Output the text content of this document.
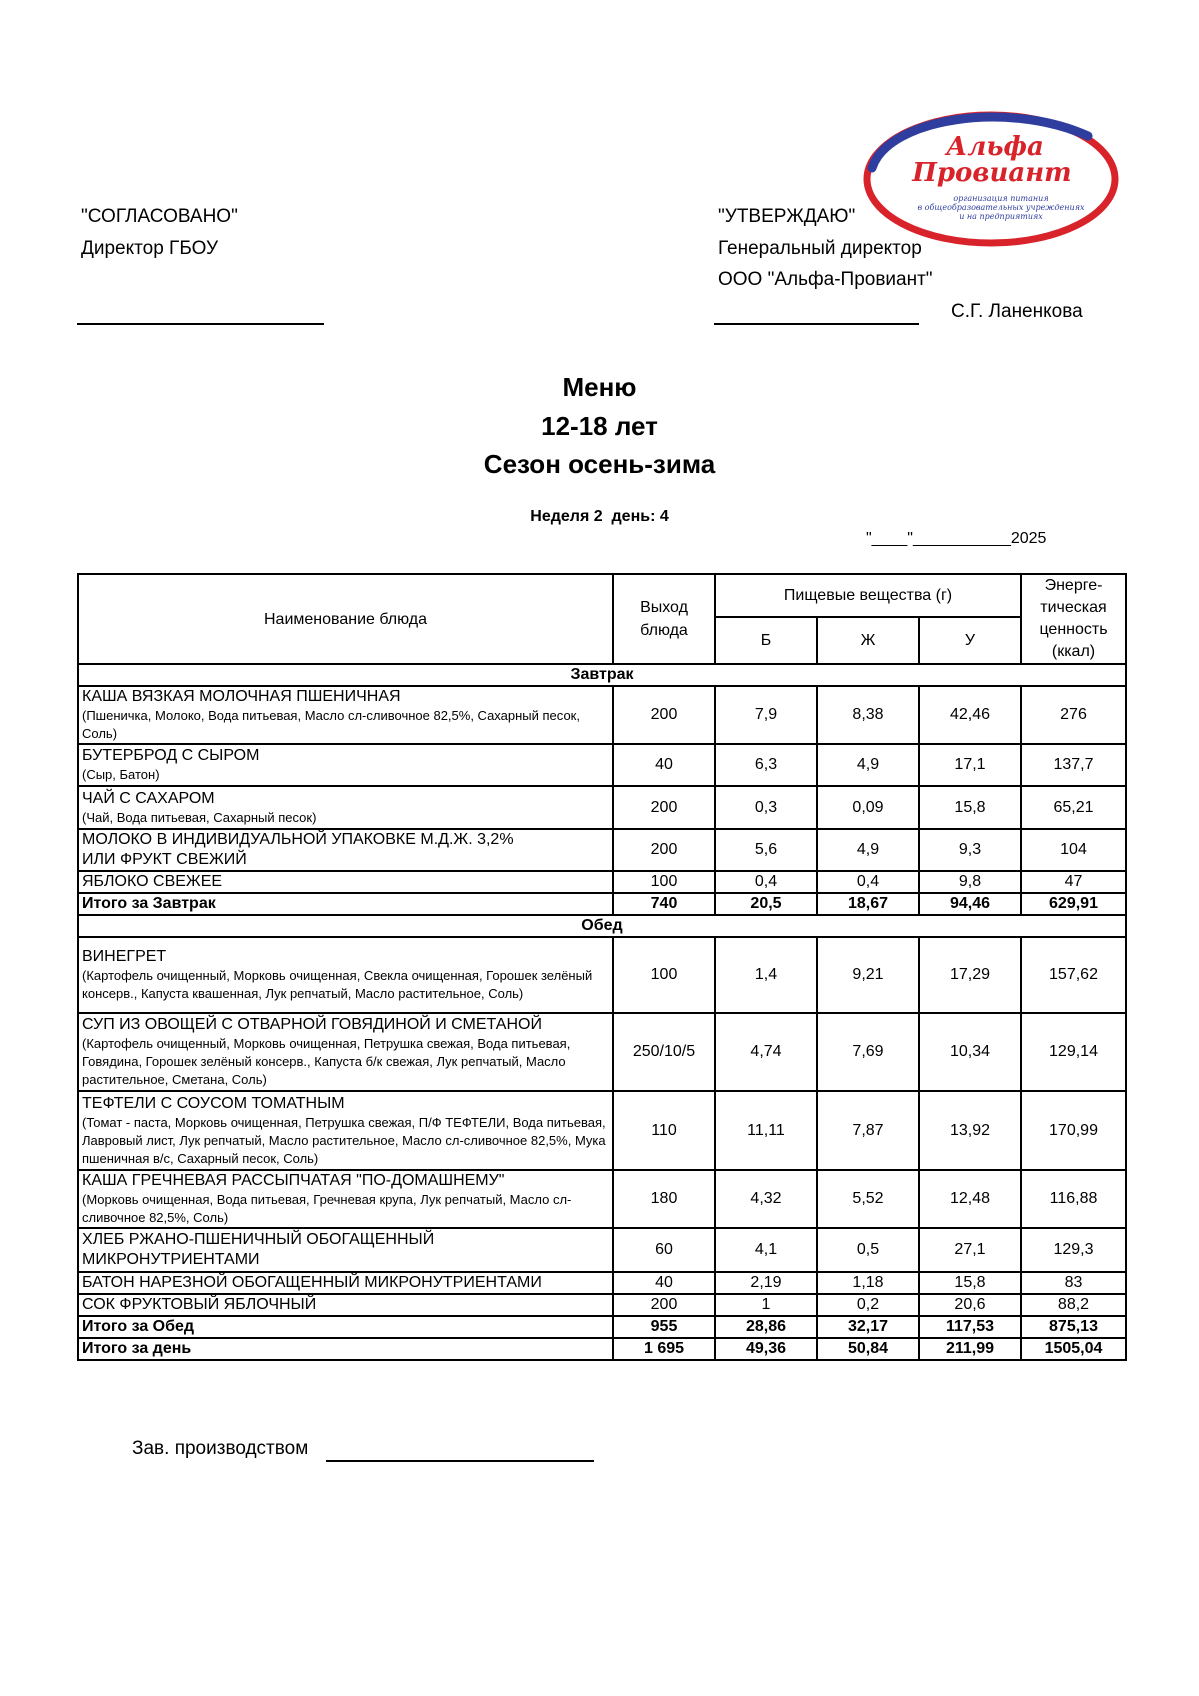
Альфа
Провиант
организация питания
в общеобразовательных учреждениях
и на предприятиях
"СОГЛАСОВАНО"
Директор ГБОУ
"УТВЕРЖДАЮ"
Генеральный директор
ООО "Альфа-Провиант"
С.Г. Ланенкова
Меню
12-18 лет
Сезон осень-зима
Неделя 2  день: 4
"____"___________2025
Наименование блюда	Выход блюда	Пищевые вещества (г)			Энерге-тическая ценность (ккал)
		Б	Ж	У	
Завтрак					

КАША ВЯЗКАЯ МОЛОЧНАЯ ПШЕНИЧНАЯ
(Пшеничка, Молоко, Вода питьевая, Масло сл-сливочное 82,5%, Сахарный песок, Соль)	200	7,9	8,38	42,46	276

БУТЕРБРОД С СЫРОМ
(Сыр, Батон)	40	6,3	4,9	17,1	137,7

ЧАЙ С САХАРОМ
(Чай, Вода питьевая, Сахарный песок)	200	0,3	0,09	15,8	65,21

МОЛОКО В ИНДИВИДУАЛЬНОЙ УПАКОВКЕ М.Д.Ж. 3,2%
ИЛИ ФРУКТ СВЕЖИЙ	200	5,6	4,9	9,3	104
ЯБЛОКО СВЕЖЕЕ	100	0,4	0,4	9,8	47
Итого за Завтрак	740	20,5	18,67	94,46	629,91
Обед					

ВИНЕГРЕТ
(Картофель очищенный, Морковь очищенная, Свекла очищенная, Горошек зелёный консерв., Капуста квашенная, Лук репчатый, Масло растительное, Соль)	100	1,4	9,21	17,29	157,62

СУП ИЗ ОВОЩЕЙ С ОТВАРНОЙ ГОВЯДИНОЙ И СМЕТАНОЙ
(Картофель очищенный, Морковь очищенная, Петрушка свежая, Вода питьевая, Говядина, Горошек зелёный консерв., Капуста б/к свежая, Лук репчатый, Масло растительное, Сметана, Соль)	250/10/5	4,74	7,69	10,34	129,14

ТЕФТЕЛИ С СОУСОМ ТОМАТНЫМ
(Томат - паста, Морковь очищенная, Петрушка свежая, П/Ф ТЕФТЕЛИ, Вода питьевая, Лавровый лист, Лук репчатый, Масло растительное, Масло сл-сливочное 82,5%, Мука пшеничная в/с, Сахарный песок, Соль)	110	11,11	7,87	13,92	170,99

КАША ГРЕЧНЕВАЯ РАССЫПЧАТАЯ "ПО-ДОМАШНЕМУ"
(Морковь очищенная, Вода питьевая, Гречневая крупа, Лук репчатый, Масло сл-сливочное 82,5%, Соль)	180	4,32	5,52	12,48	116,88

ХЛЕБ РЖАНО-ПШЕНИЧНЫЙ ОБОГАЩЕННЫЙ
МИКРОНУТРИЕНТАМИ	60	4,1	0,5	27,1	129,3
БАТОН НАРЕЗНОЙ ОБОГАЩЕННЫЙ МИКРОНУТРИЕНТАМИ	40	2,19	1,18	15,8	83
СОК ФРУКТОВЫЙ ЯБЛОЧНЫЙ	200	1	0,2	20,6	88,2
Итого за Обед	955	28,86	32,17	117,53	875,13
Итого за день	1 695	49,36	50,84	211,99	1505,04
Зав. производством
